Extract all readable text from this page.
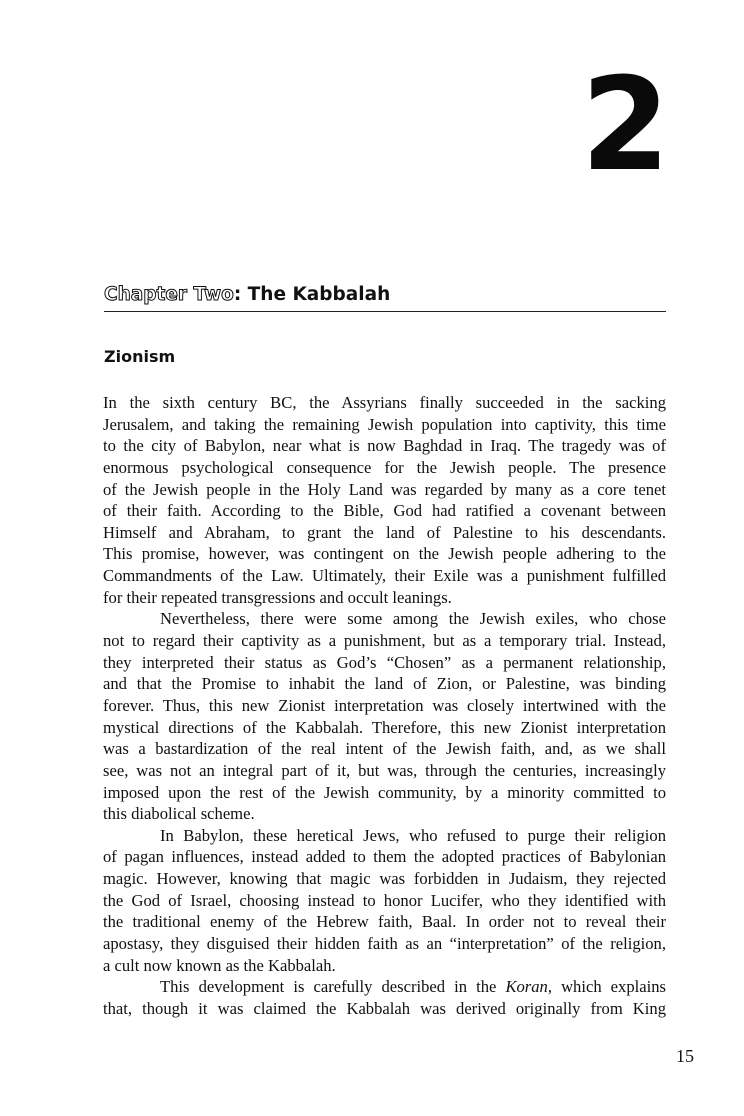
2
Chapter Two: The Kabbalah
Zionism
In the sixth century BC, the Assyrians finally succeeded in the sacking
Jerusalem, and taking the remaining Jewish population into captivity, this time
to the city of Babylon, near what is now Baghdad in Iraq. The tragedy was of
enormous psychological consequence for the Jewish people. The presence
of the Jewish people in the Holy Land was regarded by many as a core tenet
of their faith. According to the Bible, God had ratified a covenant between
Himself and Abraham, to grant the land of Palestine to his descendants.
This promise, however, was contingent on the Jewish people adhering to the
Commandments of the Law. Ultimately, their Exile was a punishment fulfilled
for their repeated transgressions and occult leanings.
Nevertheless, there were some among the Jewish exiles, who chose
not to regard their captivity as a punishment, but as a temporary trial. Instead,
they interpreted their status as God’s “Chosen” as a permanent relationship,
and that the Promise to inhabit the land of Zion, or Palestine, was binding
forever. Thus, this new Zionist interpretation was closely intertwined with the
mystical directions of the Kabbalah. Therefore, this new Zionist interpretation
was a bastardization of the real intent of the Jewish faith, and, as we shall
see, was not an integral part of it, but was, through the centuries, increasingly
imposed upon the rest of the Jewish community, by a minority committed to
this diabolical scheme.
In Babylon, these heretical Jews, who refused to purge their religion
of pagan influences, instead added to them the adopted practices of Babylonian
magic. However, knowing that magic was forbidden in Judaism, they rejected
the God of Israel, choosing instead to honor Lucifer, who they identified with
the traditional enemy of the Hebrew faith, Baal. In order not to reveal their
apostasy, they disguised their hidden faith as an “interpretation” of the religion,
a cult now known as the Kabbalah.
This development is carefully described in the Koran, which explains
that, though it was claimed the Kabbalah was derived originally from King
15
